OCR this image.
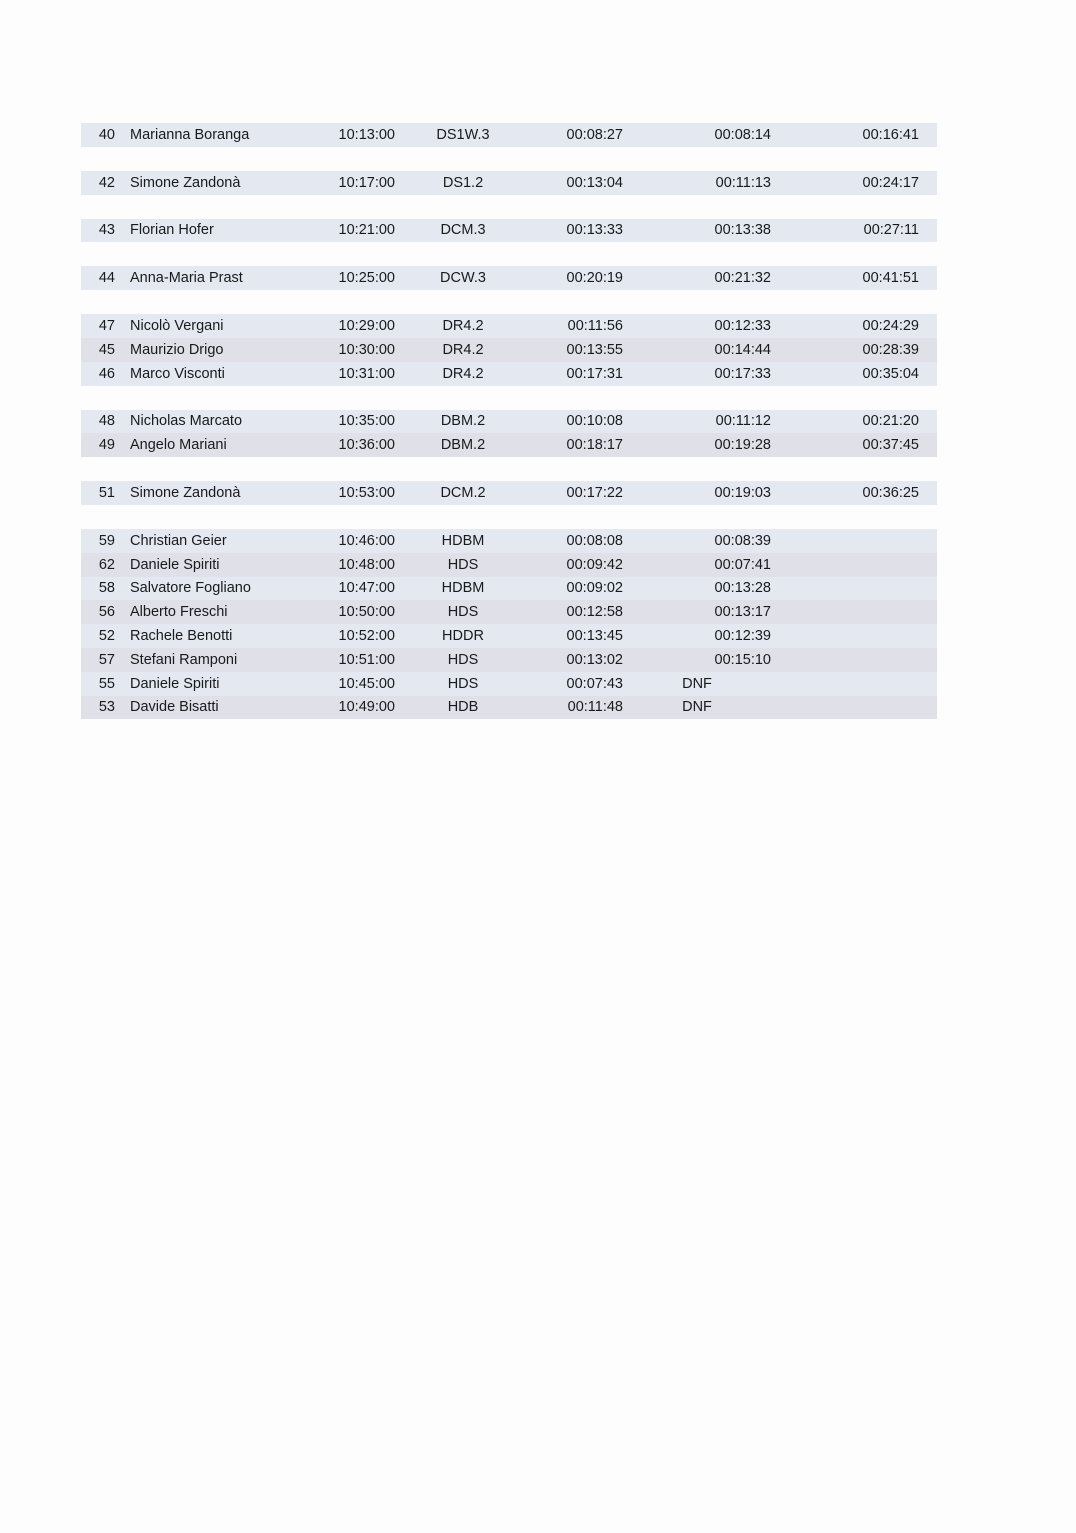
40	Marianna Boranga	10:13:00	DS1W.3	00:08:27	00:08:14	00:16:41
42	Simone Zandonà	10:17:00	DS1.2	00:13:04	00:11:13	00:24:17
43	Florian Hofer	10:21:00	DCM.3	00:13:33	00:13:38	00:27:11
44	Anna-Maria Prast	10:25:00	DCW.3	00:20:19	00:21:32	00:41:51
47	Nicolò Vergani	10:29:00	DR4.2	00:11:56	00:12:33	00:24:29
45	Maurizio Drigo	10:30:00	DR4.2	00:13:55	00:14:44	00:28:39
46	Marco Visconti	10:31:00	DR4.2	00:17:31	00:17:33	00:35:04
48	Nicholas Marcato	10:35:00	DBM.2	00:10:08	00:11:12	00:21:20
49	Angelo Mariani	10:36:00	DBM.2	00:18:17	00:19:28	00:37:45
51	Simone Zandonà	10:53:00	DCM.2	00:17:22	00:19:03	00:36:25
59	Christian Geier	10:46:00	HDBM	00:08:08	00:08:39
62	Daniele Spiriti	10:48:00	HDS	00:09:42	00:07:41
58	Salvatore Fogliano	10:47:00	HDBM	00:09:02	00:13:28
56	Alberto Freschi	10:50:00	HDS	00:12:58	00:13:17
52	Rachele Benotti	10:52:00	HDDR	00:13:45	00:12:39
57	Stefani Ramponi	10:51:00	HDS	00:13:02	00:15:10
55	Daniele Spiriti	10:45:00	HDS	00:07:43	DNF
53	Davide Bisatti	10:49:00	HDB	00:11:48	DNF
